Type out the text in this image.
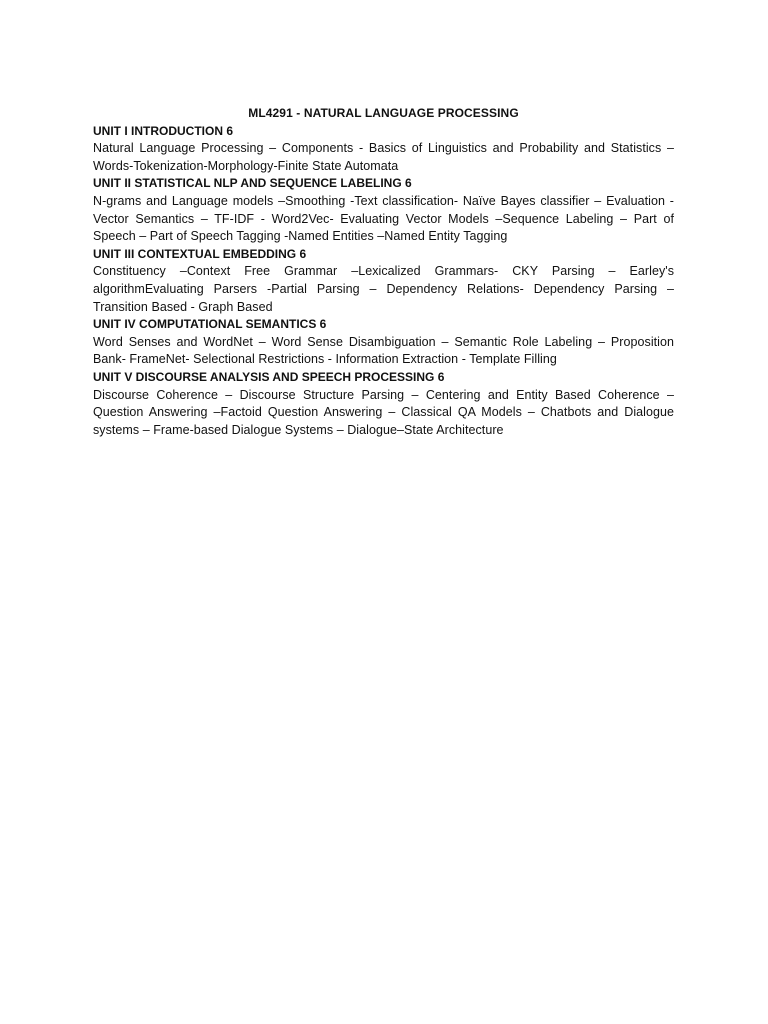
ML4291 - NATURAL LANGUAGE PROCESSING

UNIT I INTRODUCTION 6

Natural Language Processing – Components - Basics of Linguistics and Probability and Statistics – Words-Tokenization-Morphology-Finite State Automata

UNIT II STATISTICAL NLP AND SEQUENCE LABELING 6

N-grams and Language models –Smoothing -Text classification- Naïve Bayes classifier – Evaluation - Vector Semantics – TF-IDF - Word2Vec- Evaluating Vector Models –Sequence Labeling – Part of Speech – Part of Speech Tagging -Named Entities –Named Entity Tagging

UNIT III CONTEXTUAL EMBEDDING 6

Constituency –Context Free Grammar –Lexicalized Grammars- CKY Parsing – Earley's algorithmEvaluating Parsers -Partial Parsing – Dependency Relations- Dependency Parsing – Transition Based - Graph Based

UNIT IV COMPUTATIONAL SEMANTICS 6

Word Senses and WordNet – Word Sense Disambiguation – Semantic Role Labeling – Proposition Bank- FrameNet- Selectional Restrictions - Information Extraction - Template Filling

UNIT V DISCOURSE ANALYSIS AND SPEECH PROCESSING 6

Discourse Coherence – Discourse Structure Parsing – Centering and Entity Based Coherence – Question Answering –Factoid Question Answering – Classical QA Models – Chatbots and Dialogue systems – Frame-based Dialogue Systems – Dialogue–State Architecture
